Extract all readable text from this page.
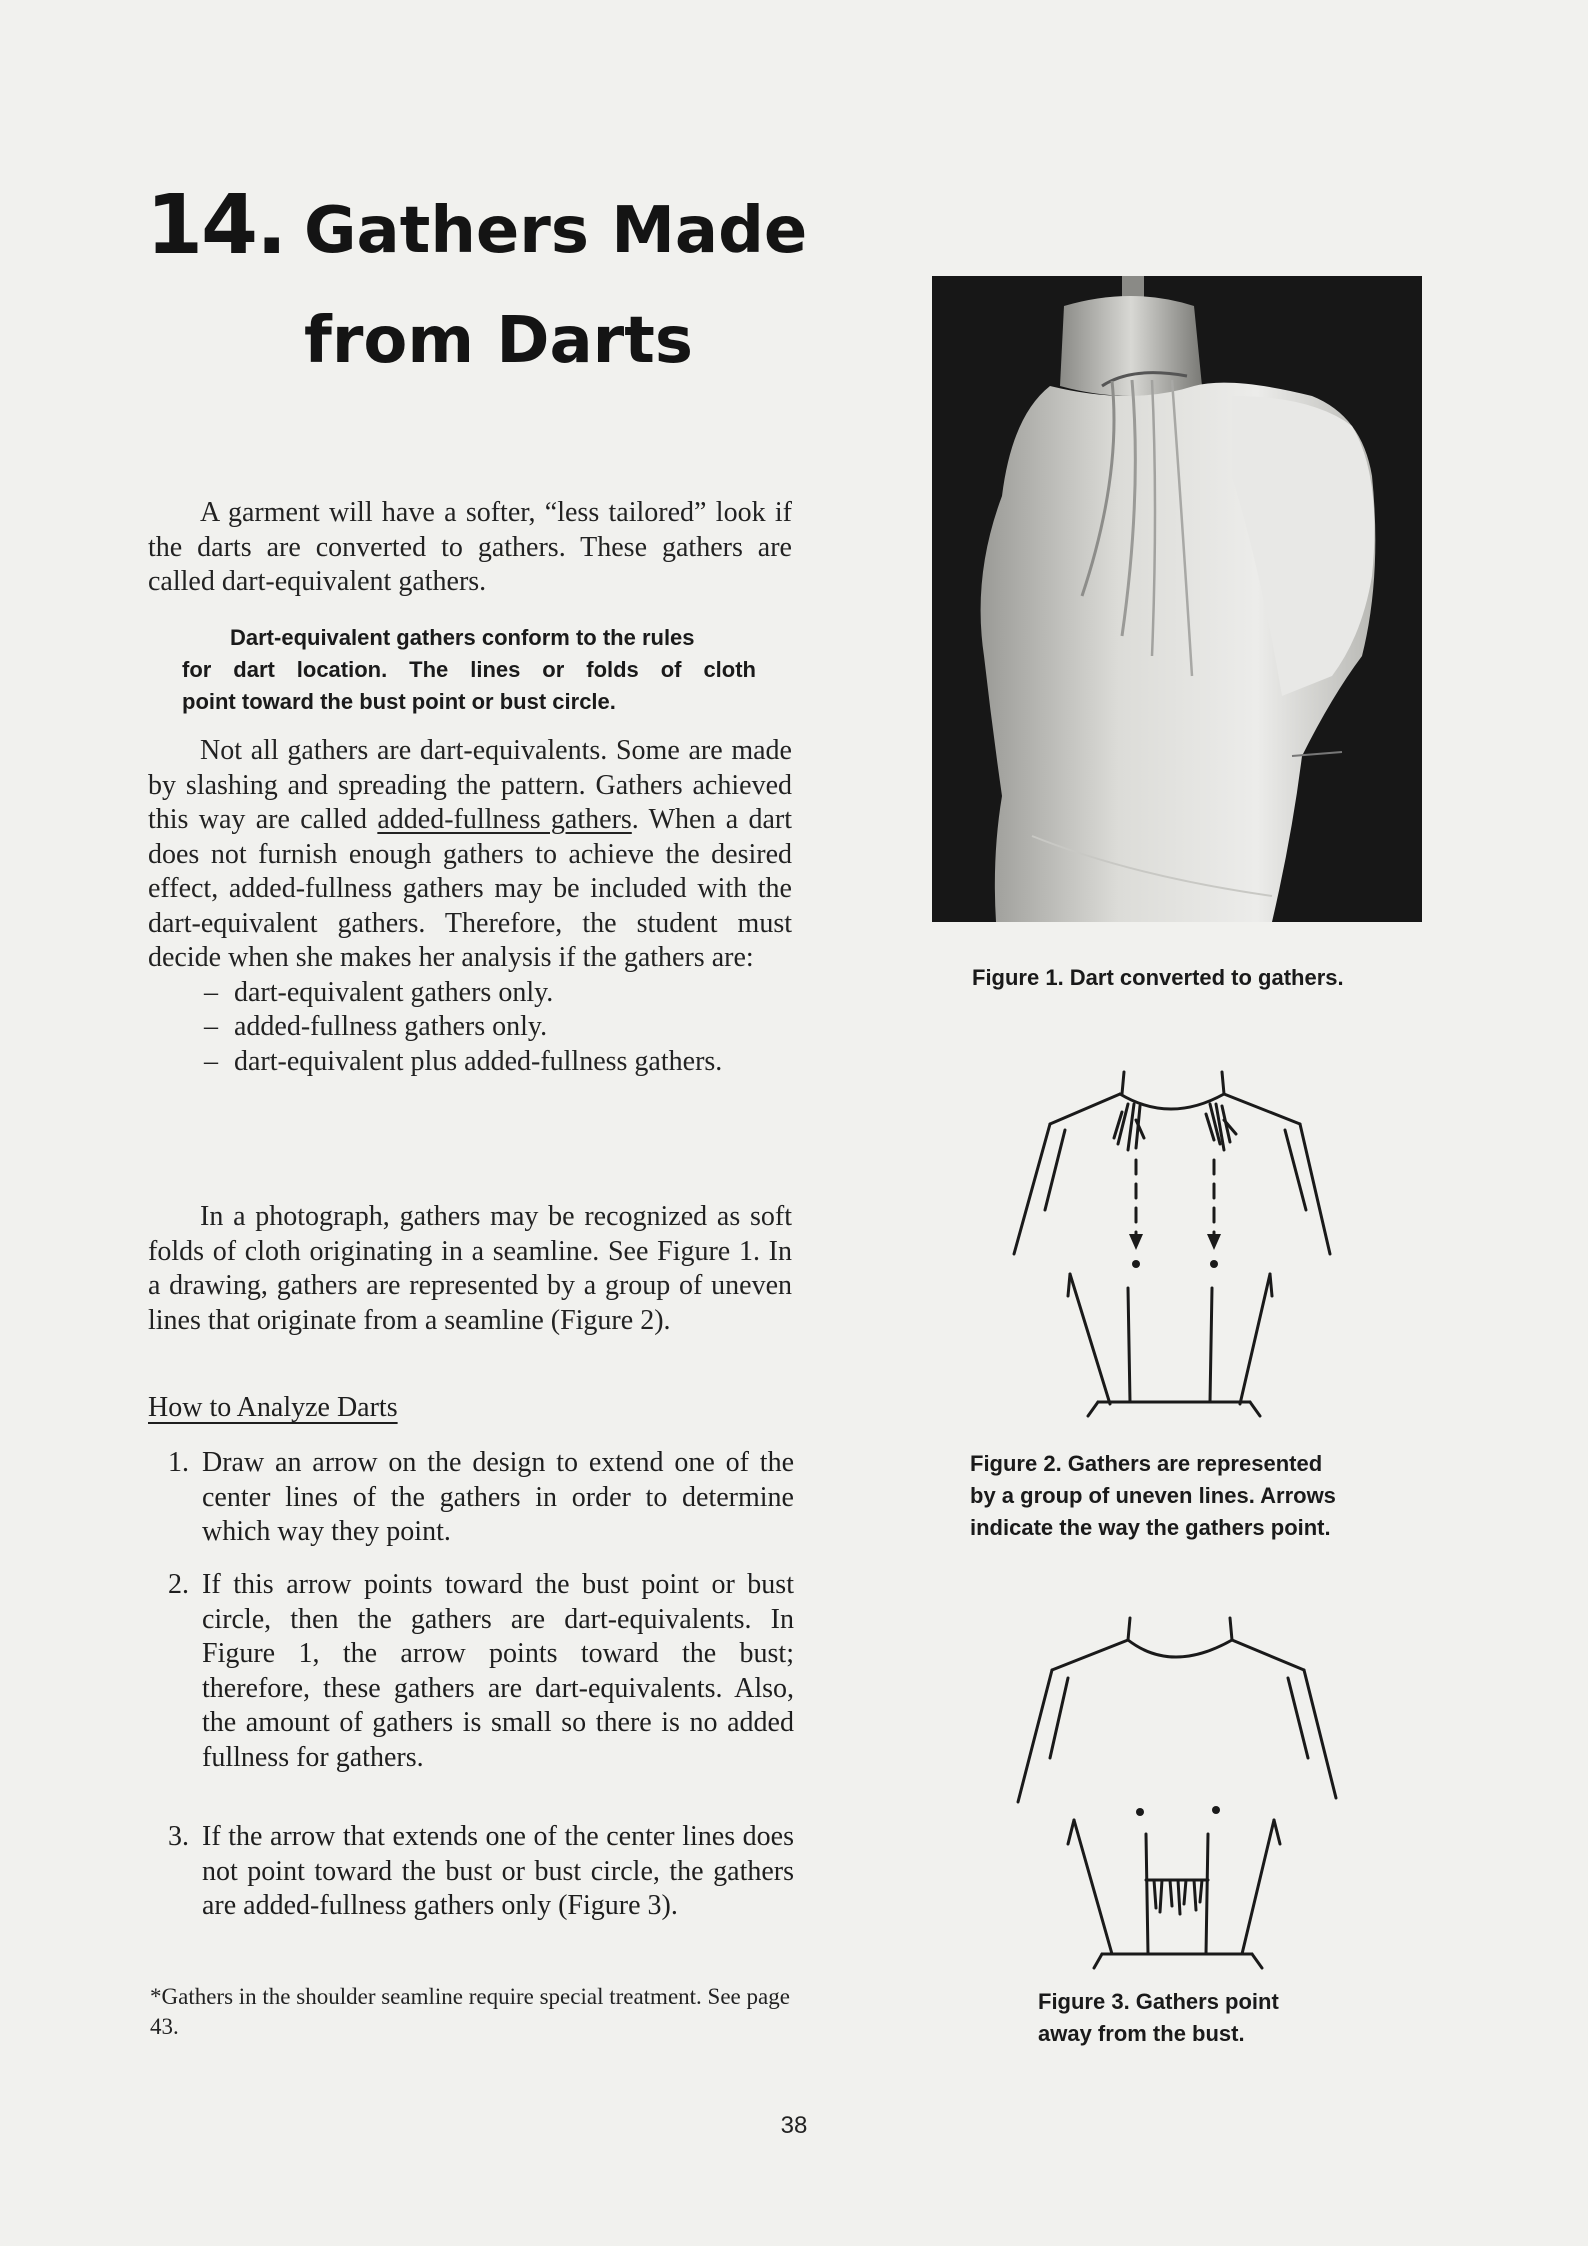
14. Gathers Made
from Darts

A garment will have a softer, “less tailored” look if the darts are converted to gathers. These gathers are called dart-equivalent gathers.

Dart-equivalent gathers conform to the rules
for dart location. The lines or folds of cloth
point toward the bust point or bust circle.

Not all gathers are dart-equivalents. Some are made by slashing and spreading the pattern. Gathers achieved this way are called added-fullness gathers. When a dart does not furnish enough gathers to achieve the desired effect, added-fullness gathers may be included with the dart-equivalent gathers. Therefore, the student must decide when she makes her analysis if the gathers are:

– dart-equivalent gathers only.
– added-fullness gathers only.
– dart-equivalent plus added-fullness gathers.

In a photograph, gathers may be recognized as soft folds of cloth originating in a seamline. See Figure 1. In a drawing, gathers are represented by a group of uneven lines that originate from a seamline (Figure 2).

How to Analyze Darts
1. Draw an arrow on the design to extend one of the center lines of the gathers in order to determine which way they point.
2. If this arrow points toward the bust point or bust circle, then the gathers are dart-equivalents. In Figure 1, the arrow points toward the bust; therefore, these gathers are dart-equivalents. Also, the amount of gathers is small so there is no added fullness for gathers.
3. If the arrow that extends one of the center lines does not point toward the bust or bust circle, the gathers are added-fullness gathers only (Figure 3).
*Gathers in the shoulder seamline require special treatment. See page 43.
Figure 1. Dart converted to gathers.
Figure 2. Gathers are represented
by a group of uneven lines. Arrows
indicate the way the gathers point.
Figure 3. Gathers point
away from the bust.
38
